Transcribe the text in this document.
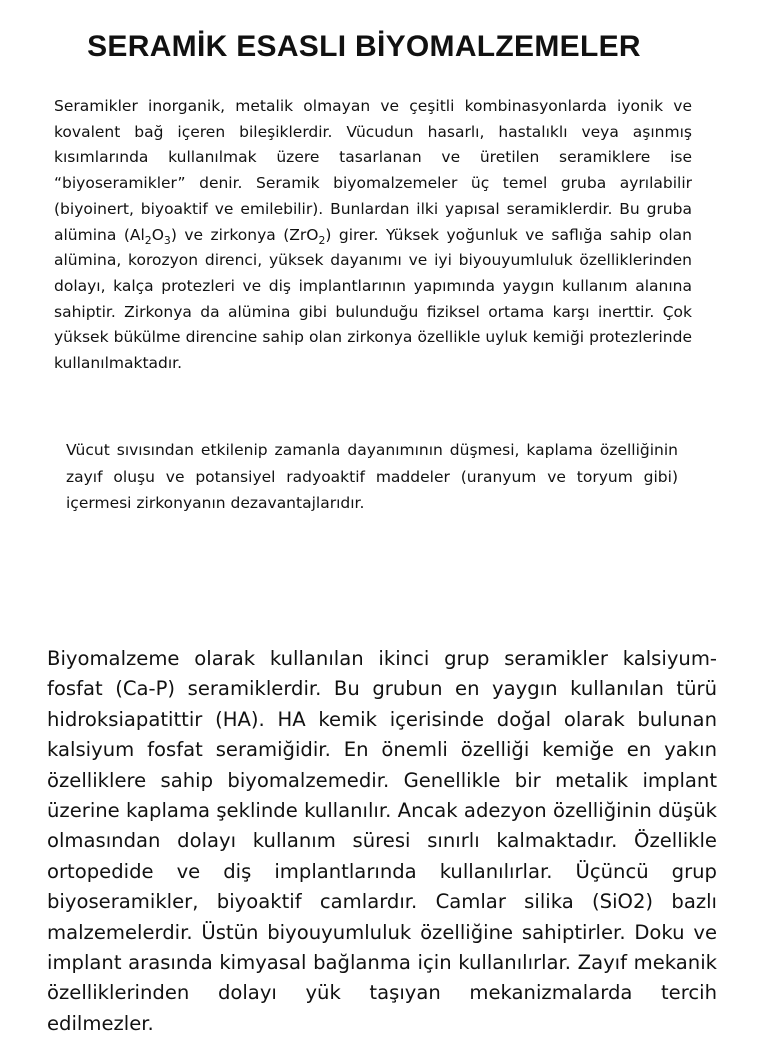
SERAMİK ESASLI BİYOMALZEMELER

Seramikler inorganik, metalik olmayan ve çeşitli kombinasyonlarda iyonik ve kovalent bağ içeren bileşiklerdir. Vücudun hasarlı, hastalıklı veya aşınmış kısımlarında kullanılmak üzere tasarlanan ve üretilen seramiklere ise “biyoseramikler” denir. Seramik biyomalzemeler üç temel gruba ayrılabilir (biyoinert, biyoaktif ve emilebilir). Bunlardan ilki yapısal seramiklerdir. Bu gruba alümina $(Al_2O_3)$ ve zirkonya (ZrO$_2$) girer. Yüksek yoğunluk ve saflığa sahip olan alümina, korozyon direnci, yüksek dayanımı ve iyi biyouyumluluk özelliklerinden dolayı, kalça protezleri ve diş implantlarının yapımında yaygın kullanım alanına sahiptir. Zirkonya da alümina gibi bulunduğu fiziksel ortama karşı inerttir. Çok yüksek bükülme direncine sahip olan zirkonya özellikle uyluk kemiği protezlerinde kullanılmaktadır.

Vücut sıvısından etkilenip zamanla dayanımının düşmesi, kaplama özelliğinin zayıf oluşu ve potansiyel radyoaktif maddeler (uranyum ve toryum gibi) içermesi zirkonyanın dezavantajlarıdır.

Biyomalzeme olarak kullanılan ikinci grup seramikler kalsiyum-fosfat (Ca-P) seramiklerdir. Bu grubun en yaygın kullanılan türü hidroksiapatittir (HA). HA kemik içerisinde doğal olarak bulunan kalsiyum fosfat seramiğidir. En önemli özelliği kemiğe en yakın özelliklere sahip biyomalzemedir. Genellikle bir metalik implant üzerine kaplama şeklinde kullanılır. Ancak adezyon özelliğinin düşük olmasından dolayı kullanım süresi sınırlı kalmaktadır. Özellikle ortopedide ve diş implantlarında kullanılırlar. Üçüncü grup biyoseramikler, biyoaktif camlardır. Camlar silika (SiO2) bazlı malzemelerdir. Üstün biyouyumluluk özelliğine sahiptirler. Doku ve implant arasında kimyasal bağlanma için kullanılırlar. Zayıf mekanik özelliklerinden dolayı yük taşıyan mekanizmalarda tercih edilmezler.
